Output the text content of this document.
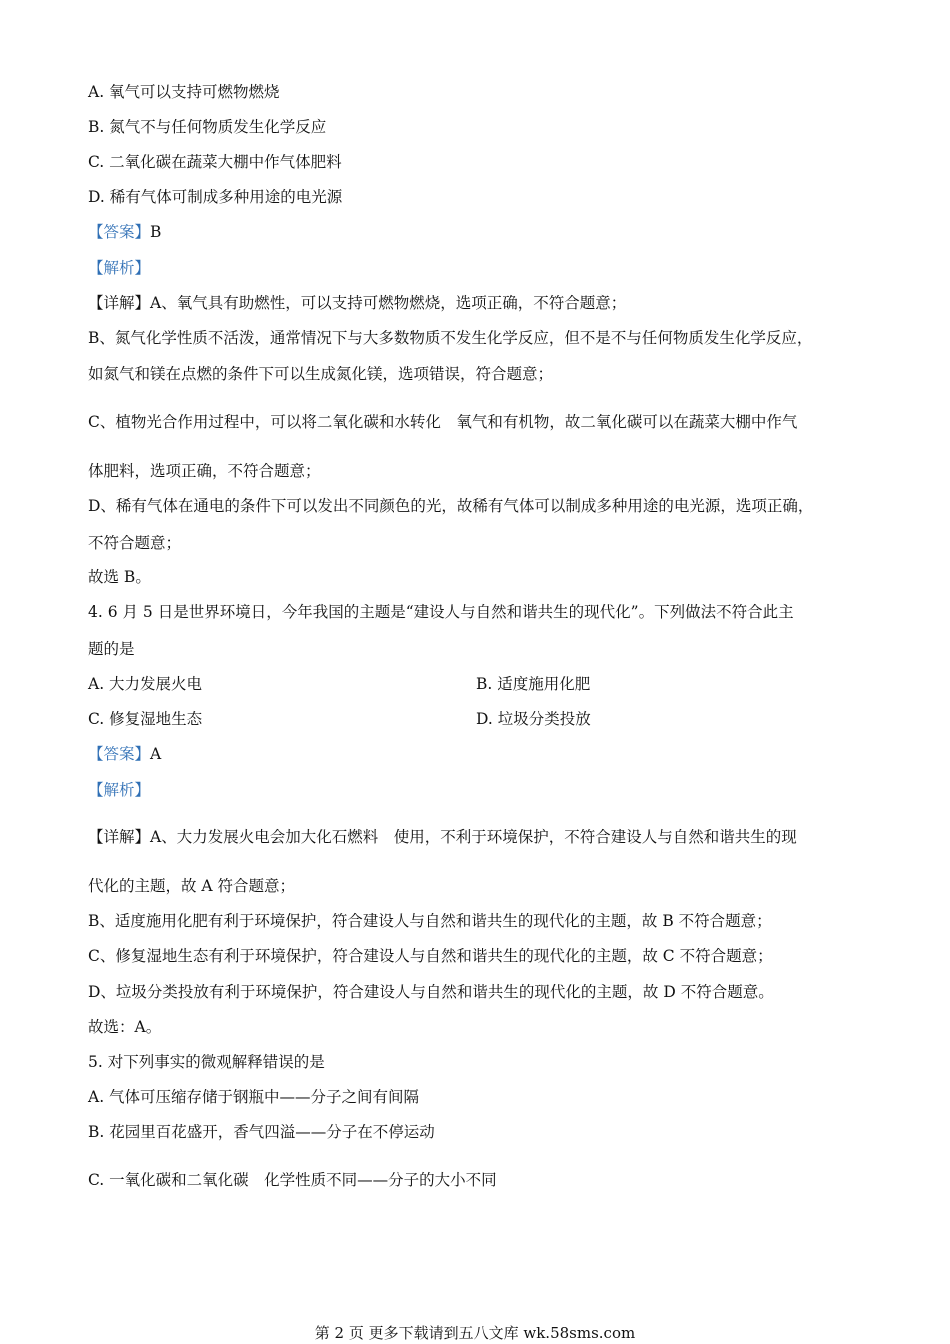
A. 氧气可以支持可燃物燃烧
B. 氮气不与任何物质发生化学反应
C. 二氧化碳在蔬菜大棚中作气体肥料
D. 稀有气体可制成多种用途的电光源
【答案】B
【解析】
【详解】A、氧气具有助燃性，可以支持可燃物燃烧，选项正确，不符合题意；
B、氮气化学性质不活泼，通常情况下与大多数物质不发生化学反应，但不是不与任何物质发生化学反应，
如氮气和镁在点燃的条件下可以生成氮化镁，选项错误，符合题意；
C、植物光合作用过程中，可以将二氧化碳和水转化　氧气和有机物，故二氧化碳可以在蔬菜大棚中作气
体肥料，选项正确，不符合题意；
D、稀有气体在通电的条件下可以发出不同颜色的光，故稀有气体可以制成多种用途的电光源，选项正确，
不符合题意；
故选 B。
4. 6 月 5 日是世界环境日，今年我国的主题是“建设人与自然和谐共生的现代化”。下列做法不符合此主
题的是
A. 大力发展火电	B. 适度施用化肥
C. 修复湿地生态	D. 垃圾分类投放
【答案】A
【解析】
【详解】A、大力发展火电会加大化石燃料　使用，不利于环境保护，不符合建设人与自然和谐共生的现
代化的主题，故 A 符合题意；
B、适度施用化肥有利于环境保护，符合建设人与自然和谐共生的现代化的主题，故 B 不符合题意；
C、修复湿地生态有利于环境保护，符合建设人与自然和谐共生的现代化的主题，故 C 不符合题意；
D、垃圾分类投放有利于环境保护，符合建设人与自然和谐共生的现代化的主题，故 D 不符合题意。
故选：A。
5. 对下列事实的微观解释错误的是
A. 气体可压缩存储于钢瓶中——分子之间有间隔
B. 花园里百花盛开，香气四溢——分子在不停运动
C. 一氧化碳和二氧化碳　化学性质不同——分子的大小不同
第 2 页 更多下载请到五八文库 wk.58sms.com
